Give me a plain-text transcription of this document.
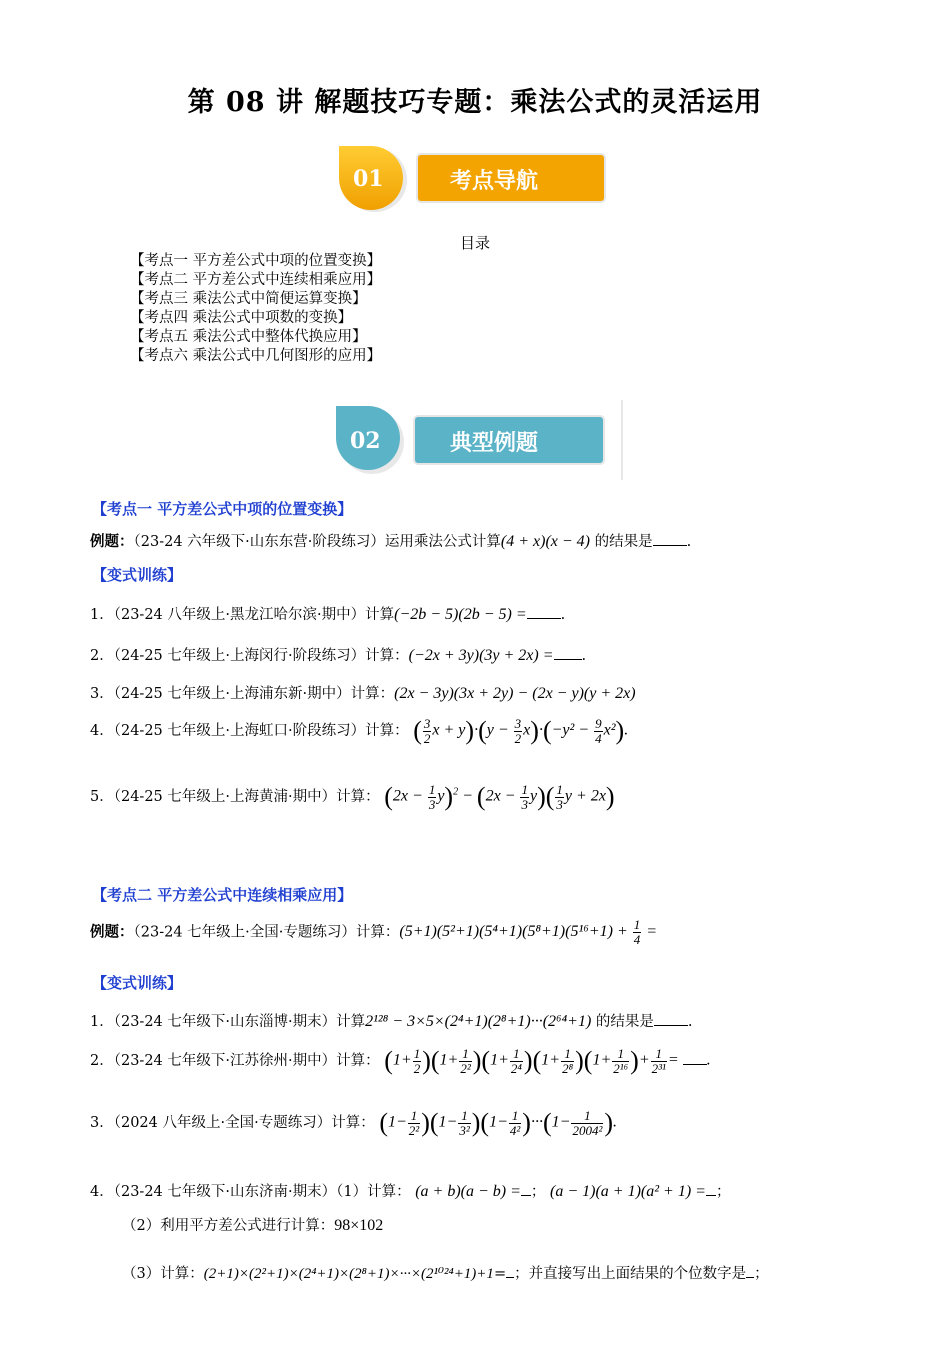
第 08 讲 解题技巧专题：乘法公式的灵活运用
01	考点导航
目录
【考点一 平方差公式中项的位置变换】
【考点二 平方差公式中连续相乘应用】
【考点三 乘法公式中简便运算变换】
【考点四 乘法公式中项数的变换】
【考点五 乘法公式中整体代换应用】
【考点六 乘法公式中几何图形的应用】
02	典型例题
【考点一 平方差公式中项的位置变换】
例题：（23-24 六年级下·山东东营·阶段练习）运用乘法公式计算(4 + x)(x − 4) 的结果是 .
【变式训练】
1．（23-24 八年级上·黑龙江哈尔滨·期中）计算(−2b − 5)(2b − 5) = .
2．（24-25 七年级上·上海闵行·阶段练习）计算：(−2x + 3y)(3y + 2x) = .
3．（24-25 七年级上·上海浦东新·期中）计算：(2x − 3y)(3x + 2y) − (2x − y)(y + 2x)
4．（24-25 七年级上·上海虹口·阶段练习）计算： ( $\frac{3}{2}$ $x + y)\cdot(y - \frac{3}{2} x)\cdot(-y^2 - \frac{9}{4} x^2)$.
5．（24-25 七年级上·上海黄浦·期中）计算： $(2x - \frac{1}{3} y)^2 - (2x - \frac{1}{3} y)( \frac{1}{3}$ y + 2x)
【考点二 平方差公式中连续相乘应用】
例题：（23-24 七年级上·全国·专题练习）计算：$(5+1)(5^2+1)(5^4+1)(5^8+1)(5^{16}+1) + \frac{1}{4}$ =
【变式训练】
1．（23-24 七年级下·山东淄博·期末）计算2¹²⁸ − 3×5×(2⁴+1)(2⁸+1)···(2⁶⁴+1) 的结果是 .
2．（23-24 七年级下·江苏徐州·期中）计算： $(1+ \frac{1}{2} )(1+ \frac{1}{\text{2²}} )(1+ \frac{1}{\text{2⁴}} )(1+ \frac{1}{\text{2⁸}} )(1+ \frac{1}{\text{2¹⁶}}$ )+ $\frac{1}{\text{2³¹}}$ = .
3．（2024 八年级上·全国·专题练习）计算： $(1- \frac{1}{\text{2²}} )(1- \frac{1}{\text{3²}} )(1- \frac{1}{\text{4²}} )\cdot\cdot\cdot(1- \frac{1}{\text{2004²}}$ ).
4．（23-24 七年级下·山东济南·期末）（1）计算： (a + b)(a − b) = ； (a − 1)(a + 1)(a² + 1) = ；
（2）利用平方差公式进行计算：98×102
（3）计算：(2+1)×(2²+1)×(2⁴+1)×(2⁸+1)×···×(2¹⁰²⁴+1)+1= ；并直接写出上面结果的个位数字是 ；
